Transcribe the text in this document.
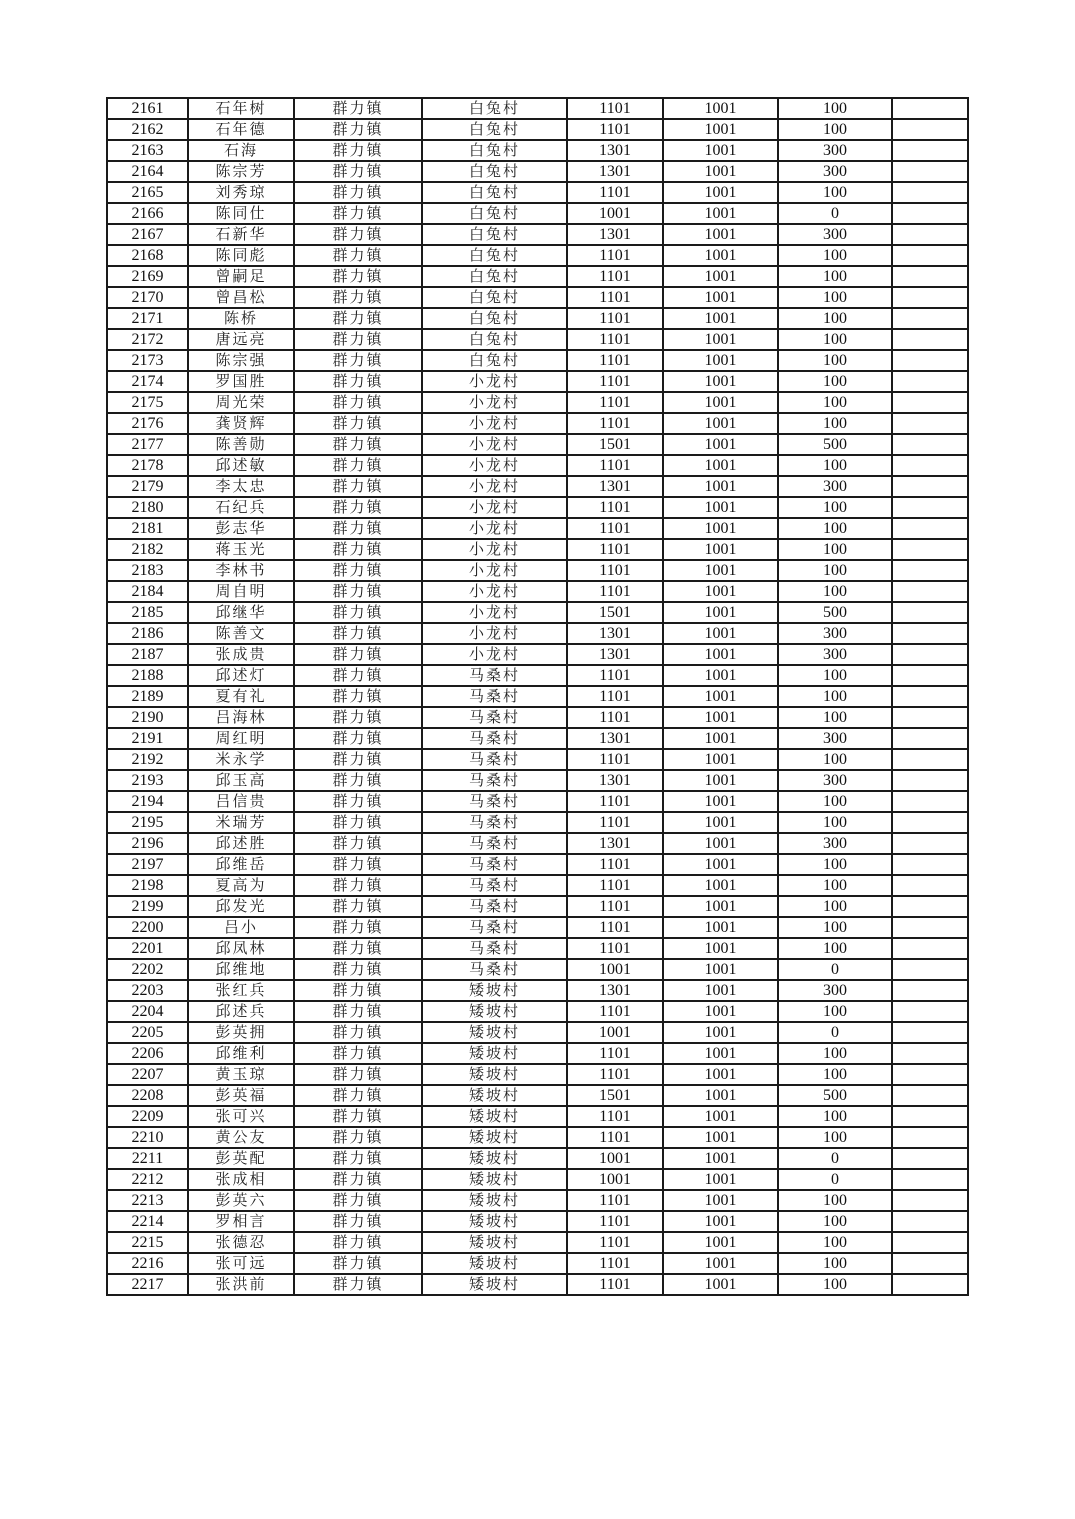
2161	石年树	群力镇	白兔村	1101	1001	100	
2162	石年德	群力镇	白兔村	1101	1001	100	
2163	石海	群力镇	白兔村	1301	1001	300	
2164	陈宗芳	群力镇	白兔村	1301	1001	300	
2165	刘秀琼	群力镇	白兔村	1101	1001	100	
2166	陈同仕	群力镇	白兔村	1001	1001	0	
2167	石新华	群力镇	白兔村	1301	1001	300	
2168	陈同彪	群力镇	白兔村	1101	1001	100	
2169	曾嗣足	群力镇	白兔村	1101	1001	100	
2170	曾昌松	群力镇	白兔村	1101	1001	100	
2171	陈桥	群力镇	白兔村	1101	1001	100	
2172	唐远亮	群力镇	白兔村	1101	1001	100	
2173	陈宗强	群力镇	白兔村	1101	1001	100	
2174	罗国胜	群力镇	小龙村	1101	1001	100	
2175	周光荣	群力镇	小龙村	1101	1001	100	
2176	龚贤辉	群力镇	小龙村	1101	1001	100	
2177	陈善勋	群力镇	小龙村	1501	1001	500	
2178	邱述敏	群力镇	小龙村	1101	1001	100	
2179	李太忠	群力镇	小龙村	1301	1001	300	
2180	石纪兵	群力镇	小龙村	1101	1001	100	
2181	彭志华	群力镇	小龙村	1101	1001	100	
2182	蒋玉光	群力镇	小龙村	1101	1001	100	
2183	李林书	群力镇	小龙村	1101	1001	100	
2184	周自明	群力镇	小龙村	1101	1001	100	
2185	邱继华	群力镇	小龙村	1501	1001	500	
2186	陈善文	群力镇	小龙村	1301	1001	300	
2187	张成贵	群力镇	小龙村	1301	1001	300	
2188	邱述灯	群力镇	马桑村	1101	1001	100	
2189	夏有礼	群力镇	马桑村	1101	1001	100	
2190	吕海林	群力镇	马桑村	1101	1001	100	
2191	周红明	群力镇	马桑村	1301	1001	300	
2192	米永学	群力镇	马桑村	1101	1001	100	
2193	邱玉高	群力镇	马桑村	1301	1001	300	
2194	吕信贵	群力镇	马桑村	1101	1001	100	
2195	米瑞芳	群力镇	马桑村	1101	1001	100	
2196	邱述胜	群力镇	马桑村	1301	1001	300	
2197	邱维岳	群力镇	马桑村	1101	1001	100	
2198	夏高为	群力镇	马桑村	1101	1001	100	
2199	邱发光	群力镇	马桑村	1101	1001	100	
2200	吕小	群力镇	马桑村	1101	1001	100	
2201	邱凤林	群力镇	马桑村	1101	1001	100	
2202	邱维地	群力镇	马桑村	1001	1001	0	
2203	张红兵	群力镇	矮坡村	1301	1001	300	
2204	邱述兵	群力镇	矮坡村	1101	1001	100	
2205	彭英拥	群力镇	矮坡村	1001	1001	0	
2206	邱维利	群力镇	矮坡村	1101	1001	100	
2207	黄玉琼	群力镇	矮坡村	1101	1001	100	
2208	彭英福	群力镇	矮坡村	1501	1001	500	
2209	张可兴	群力镇	矮坡村	1101	1001	100	
2210	黄公友	群力镇	矮坡村	1101	1001	100	
2211	彭英配	群力镇	矮坡村	1001	1001	0	
2212	张成相	群力镇	矮坡村	1001	1001	0	
2213	彭英六	群力镇	矮坡村	1101	1001	100	
2214	罗相言	群力镇	矮坡村	1101	1001	100	
2215	张德忍	群力镇	矮坡村	1101	1001	100	
2216	张可远	群力镇	矮坡村	1101	1001	100	
2217	张洪前	群力镇	矮坡村	1101	1001	100	
